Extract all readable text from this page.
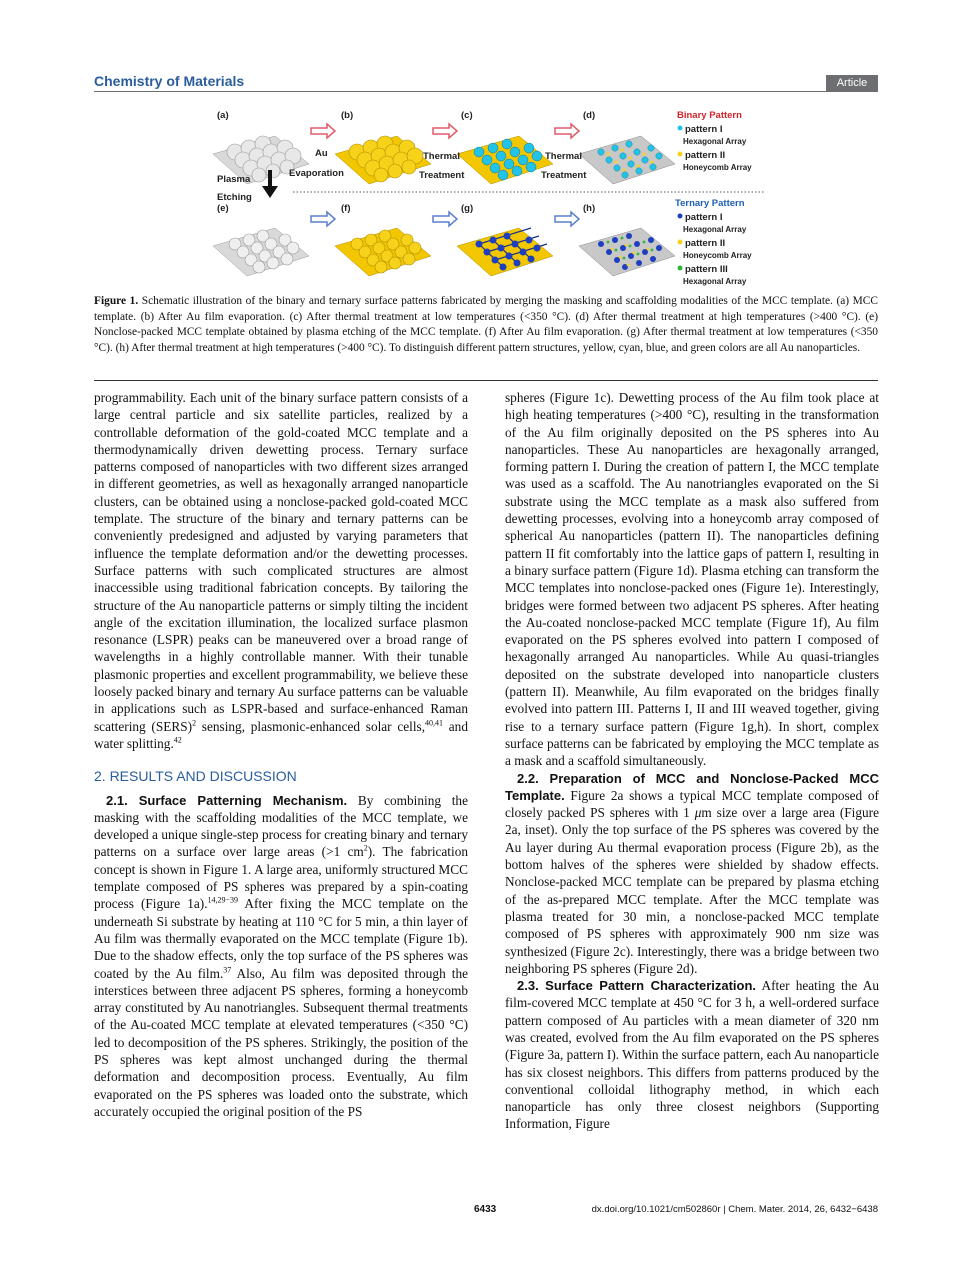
Chemistry of Materials	Article
(a)	(b)	(c)	(d)
(e)	(f)	(g)	(h)
Au
Evaporation
Thermal
Treatment
Thermal
Treatment
Plasma
Etching
Binary Pattern
pattern I
Hexagonal Array
pattern II
Honeycomb Array
Ternary Pattern
pattern I
Hexagonal Array
pattern II
Honeycomb Array
pattern III
Hexagonal Array
Figure 1. Schematic illustration of the binary and ternary surface patterns fabricated by merging the masking and scaffolding modalities of the MCC template. (a) MCC template. (b) After Au film evaporation. (c) After thermal treatment at low temperatures (<350 °C). (d) After thermal treatment at high temperatures (>400 °C). (e) Nonclose-packed MCC template obtained by plasma etching of the MCC template. (f) After Au film evaporation. (g) After thermal treatment at low temperatures (<350 °C). (h) After thermal treatment at high temperatures (>400 °C). To distinguish different pattern structures, yellow, cyan, blue, and green colors are all Au nanoparticles.

programmability. Each unit of the binary surface pattern consists of a large central particle and six satellite particles, realized by a controllable deformation of the gold-coated MCC template and a thermodynamically driven dewetting process. Ternary surface patterns composed of nanoparticles with two different sizes arranged in different geometries, as well as hexagonally arranged nanoparticle clusters, can be obtained using a nonclose-packed gold-coated MCC template. The structure of the binary and ternary patterns can be conveniently predesigned and adjusted by varying parameters that influence the template deformation and/or the dewetting processes. Surface patterns with such complicated structures are almost inaccessible using traditional fabrication concepts. By tailoring the structure of the Au nanoparticle patterns or simply tilting the incident angle of the excitation illumination, the localized surface plasmon resonance (LSPR) peaks can be maneuvered over a broad range of wavelengths in a highly controllable manner. With their tunable plasmonic properties and excellent programmability, we believe these loosely packed binary and ternary Au surface patterns can be valuable in applications such as LSPR-based and surface-enhanced Raman scattering (SERS)$^2$ sensing, plasmonic-enhanced solar cells,$^{40,41}$ and water splitting.$^{42}$

2. RESULTS AND DISCUSSION

2.1. Surface Patterning Mechanism. By combining the masking with the scaffolding modalities of the MCC template, we developed a unique single-step process for creating binary and ternary patterns on a surface over large areas (>1 $cm^2$). The fabrication concept is shown in Figure 1. A large area, uniformly structured MCC template composed of PS spheres was prepared by a spin-coating process (Figure 1a).$^{14,29-39}$ After fixing the MCC template on the underneath Si substrate by heating at 110 °C for 5 min, a thin layer of Au film was thermally evaporated on the MCC template (Figure 1b). Due to the shadow effects, only the top surface of the PS spheres was coated by the Au film.$^{37}$ Also, Au film was deposited through the interstices between three adjacent PS spheres, forming a honeycomb array constituted by Au nanotriangles. Subsequent thermal treatments of the Au-coated MCC template at elevated temperatures (<350 °C) led to decomposition of the PS spheres. Strikingly, the position of the PS spheres was kept almost unchanged during the thermal deformation and decomposition process. Eventually, Au film evaporated on the PS spheres was loaded onto the substrate, which accurately occupied the original position of the PS

spheres (Figure 1c). Dewetting process of the Au film took place at high heating temperatures (>400 °C), resulting in the transformation of the Au film originally deposited on the PS spheres into Au nanoparticles. These Au nanoparticles are hexagonally arranged, forming pattern I. During the creation of pattern I, the MCC template was used as a scaffold. The Au nanotriangles evaporated on the Si substrate using the MCC template as a mask also suffered from dewetting processes, evolving into a honeycomb array composed of spherical Au nanoparticles (pattern II). The nanoparticles defining pattern II fit comfortably into the lattice gaps of pattern I, resulting in a binary surface pattern (Figure 1d). Plasma etching can transform the MCC templates into nonclose-packed ones (Figure 1e). Interestingly, bridges were formed between two adjacent PS spheres. After heating the Au-coated nonclose-packed MCC template (Figure 1f), Au film evaporated on the PS spheres evolved into pattern I composed of hexagonally arranged Au nanoparticles. While Au quasi-triangles deposited on the substrate developed into nanoparticle clusters (pattern II). Meanwhile, Au film evaporated on the bridges finally evolved into pattern III. Patterns I, II and III weaved together, giving rise to a ternary surface pattern (Figure 1g,h). In short, complex surface patterns can be fabricated by employing the MCC template as a mask and a scaffold simultaneously.

2.2. Preparation of MCC and Nonclose-Packed MCC Template. Figure 2a shows a typical MCC template composed of closely packed PS spheres with 1 μm size over a large area (Figure 2a, inset). Only the top surface of the PS spheres was covered by the Au layer during Au thermal evaporation process (Figure 2b), as the bottom halves of the spheres were shielded by shadow effects. Nonclose-packed MCC template can be prepared by plasma etching of the as-prepared MCC template. After the MCC template was plasma treated for 30 min, a nonclose-packed MCC template composed of PS spheres with approximately 900 nm size was synthesized (Figure 2c). Interestingly, there was a bridge between two neighboring PS spheres (Figure 2d).

2.3. Surface Pattern Characterization. After heating the Au film-covered MCC template at 450 °C for 3 h, a well-ordered surface pattern composed of Au particles with a mean diameter of 320 nm was created, evolved from the Au film evaporated on the PS spheres (Figure 3a, pattern I). Within the surface pattern, each Au nanoparticle has six closest neighbors. This differs from patterns produced by the conventional colloidal lithography method, in which each nanoparticle has only three closest neighbors (Supporting Information, Figure

6433	dx.doi.org/10.1021/cm502860r | Chem. Mater. 2014, 26, 6432−6438
